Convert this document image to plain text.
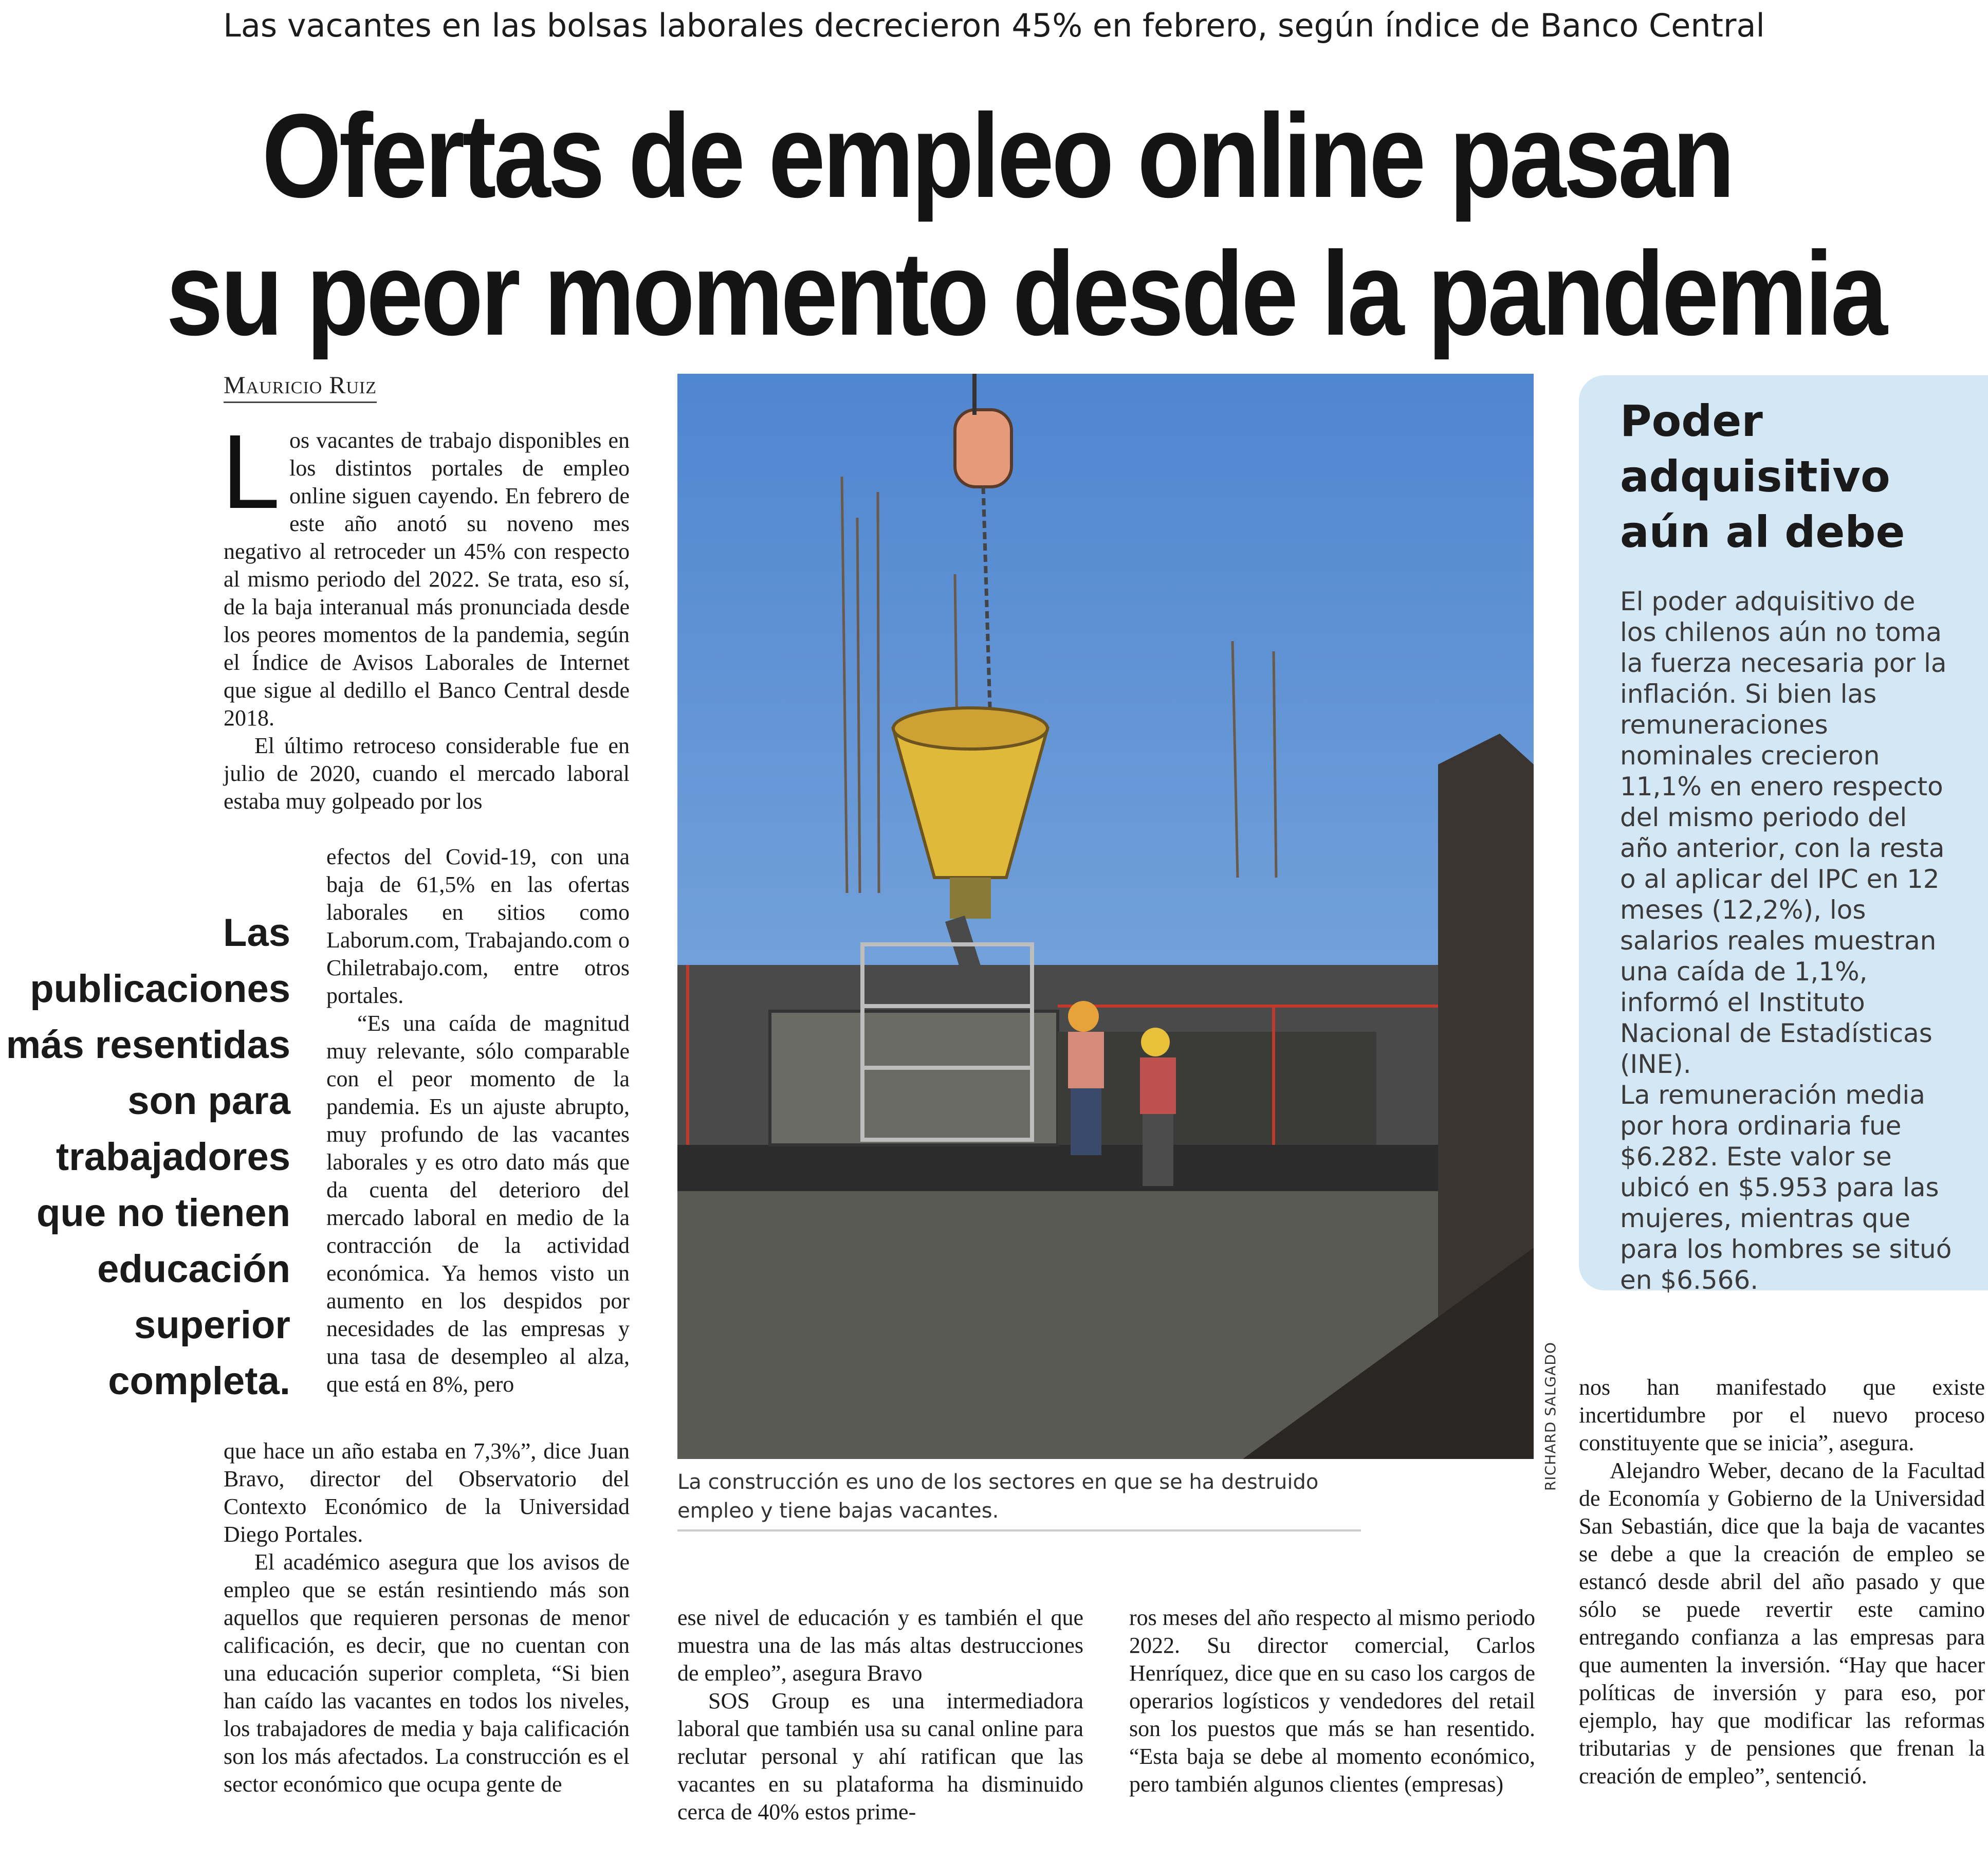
Las vacantes en las bolsas laborales decrecieron 45% en febrero, según índice de Banco Central
Ofertas de empleo online pasan
su peor momento desde la pandemia
Mauricio Ruiz

Los vacantes de trabajo disponibles en los distintos portales de empleo online siguen cayendo. En febrero de este año anotó su noveno mes negativo al retroceder un 45% con respecto al mismo periodo del 2022. Se trata, eso sí, de la baja interanual más pronunciada desde los peores momentos de la pandemia, según el Índice de Avisos Laborales de Internet que sigue al dedillo el Banco Central desde 2018.

El último retroceso considerable fue en julio de 2020, cuando el mercado laboral estaba muy golpeado por los

efectos del Covid-19, con una baja de 61,5% en las ofertas laborales en sitios como Laborum.com, Trabajando.com o Chiletrabajo.com, entre otros portales.

“Es una caída de magnitud muy relevante, sólo comparable con el peor momento de la pandemia. Es un ajuste abrupto, muy profundo de las vacantes laborales y es otro dato más que da cuenta del deterioro del mercado laboral en medio de la contracción de la actividad económica. Ya hemos visto un aumento en los despidos por necesidades de las empresas y una tasa de desempleo al alza, que está en 8%, pero

que hace un año estaba en 7,3%”, dice Juan Bravo, director del Observatorio del Contexto Económico de la Universidad Diego Portales.

El académico asegura que los avisos de empleo que se están resintiendo más son aquellos que requieren personas de menor calificación, es decir, que no cuentan con una educación superior completa, “Si bien han caído las vacantes en todos los niveles, los trabajadores de media y baja calificación son los más afectados. La construcción es el sector económico que ocupa gente de

Las publicaciones más resentidas son para trabajadores que no tienen educación superior completa.	RICHARD SALGADO
La construcción es uno de los sectores en que se ha destruido empleo y tiene bajas vacantes.
Poder adquisitivo aún al debe

El poder adquisitivo de los chilenos aún no toma la fuerza necesaria por la inflación. Si bien las remuneraciones nominales crecieron 11,1% en enero respecto del mismo periodo del año anterior, con la resta o al aplicar del IPC en 12 meses (12,2%), los salarios reales muestran una caída de 1,1%, informó el Instituto Nacional de Estadísticas (INE).

La remuneración media por hora ordinaria fue $6.282. Este valor se ubicó en $5.953 para las mujeres, mientras que para los hombres se situó en $6.566.

ese nivel de educación y es también el que muestra una de las más altas destrucciones de empleo”, asegura Bravo

SOS Group es una intermediadora laboral que también usa su canal online para reclutar personal y ahí ratifican que las vacantes en su plataforma ha disminuido cerca de 40% estos prime-

ros meses del año respecto al mismo periodo 2022. Su director comercial, Carlos Henríquez, dice que en su caso los cargos de operarios logísticos y vendedores del retail son los puestos que más se han resentido. “Esta baja se debe al momento económico, pero también algunos clientes (empresas)

nos han manifestado que existe incertidumbre por el nuevo proceso constituyente que se inicia”, asegura.

Alejandro Weber, decano de la Facultad de Economía y Gobierno de la Universidad San Sebastián, dice que la baja de vacantes se debe a que la creación de empleo se estancó desde abril del año pasado y que sólo se puede revertir este camino entregando confianza a las empresas para que aumenten la inversión. “Hay que hacer políticas de inversión y para eso, por ejemplo, hay que modificar las reformas tributarias y de pensiones que frenan la creación de empleo”, sentenció.
